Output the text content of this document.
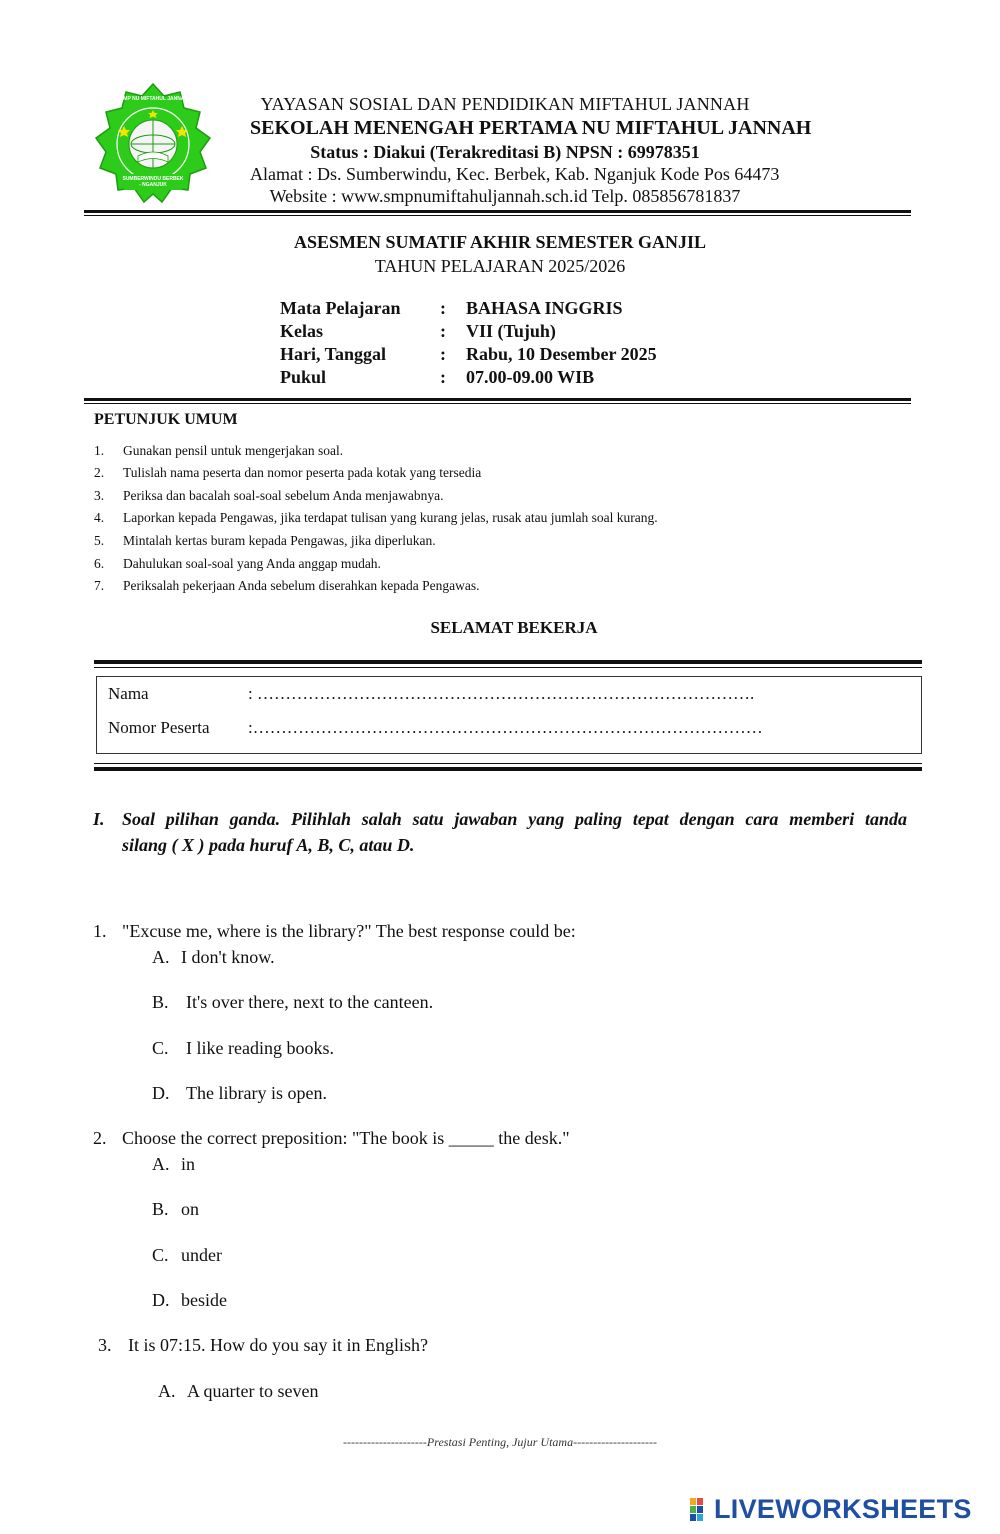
SUMBERWINDU BERBEK - NGANJUK
SMP NU MIFTAHUL JANNAH	YAYASAN SOSIAL DAN PENDIDIKAN MIFTAHUL JANNAH
SEKOLAH MENENGAH PERTAMA NU MIFTAHUL JANNAH
Status : Diakui (Terakreditasi B) NPSN : 69978351
Alamat : Ds. Sumberwindu, Kec. Berbek, Kab. Nganjuk Kode Pos 64473
Website : www.smpnumiftahuljannah.sch.id Telp. 085856781837
ASESMEN SUMATIF AKHIR SEMESTER GANJIL
TAHUN PELAJARAN 2025/2026
Mata Pelajaran : BAHASA INGGRIS
Kelas	: VII (Tujuh)
Hari, Tanggal	: Rabu, 10 Desember 2025
Pukul	: 07.00-09.00 WIB
PETUNJUK UMUM
1. Gunakan pensil untuk mengerjakan soal.
2. Tulislah nama peserta dan nomor peserta pada kotak yang tersedia
3. Periksa dan bacalah soal-soal sebelum Anda menjawabnya.
4. Laporkan kepada Pengawas, jika terdapat tulisan yang kurang jelas, rusak atau jumlah soal kurang.
5. Mintalah kertas buram kepada Pengawas, jika diperlukan.
6. Dahulukan soal-soal yang Anda anggap mudah.
7. Periksalah pekerjaan Anda sebelum diserahkan kepada Pengawas.
SELAMAT BEKERJA
Nama	: …………………………………………………………………………….
Nomor Peserta :………………………………………………………………………………
I. Soal pilihan ganda. Pilihlah salah satu jawaban yang paling tepat dengan cara memberi tanda
silang ( X ) pada huruf A, B, C, atau D.
1. "Excuse me, where is the library?" The best response could be:
A. I don't know.
B. It's over there, next to the canteen.
C. I like reading books.
D. The library is open.
2. Choose the correct preposition: "The book is _____ the desk."
A. in
B. on
C. under
D. beside
3. It is 07:15. How do you say it in English?
A. A quarter to seven
---------------------Prestasi Penting, Jujur Utama---------------------
LIVEWORKSHEETS
